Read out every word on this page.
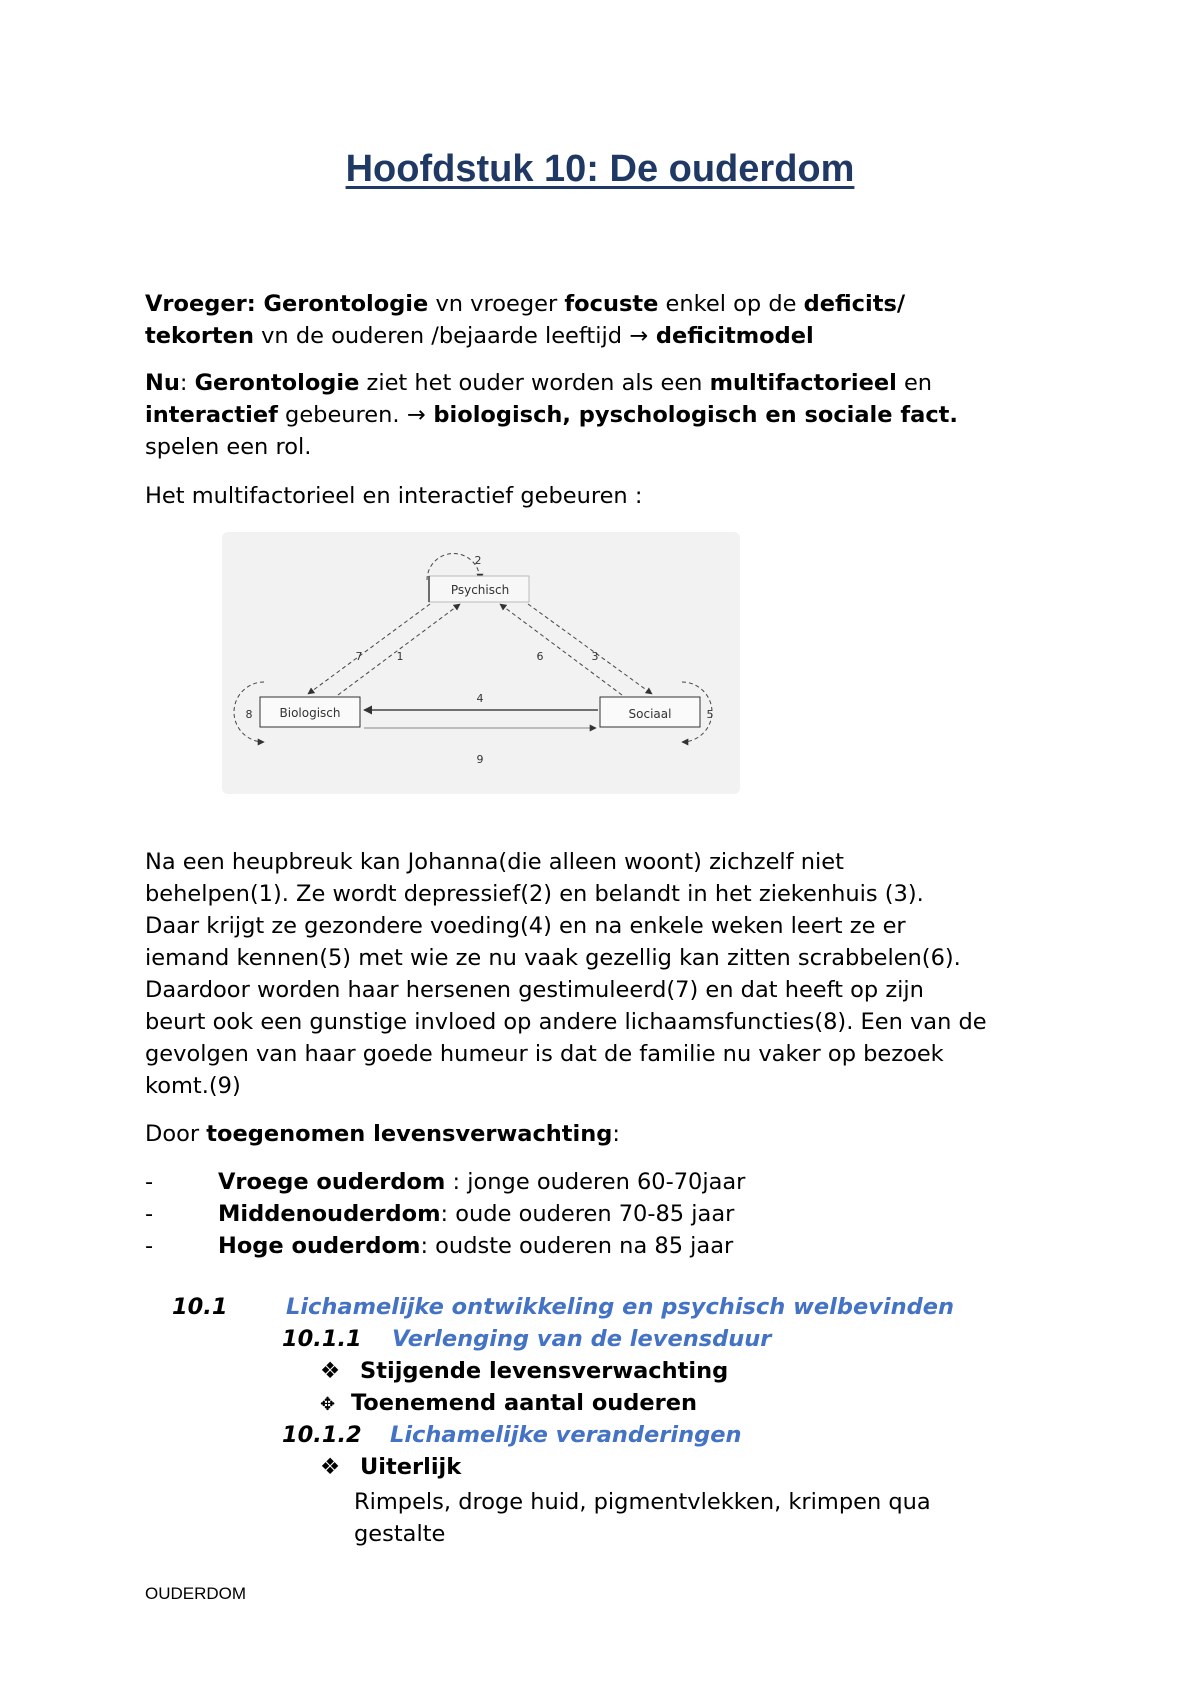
Hoofdstuk 10: De ouderdom
Vroeger: Gerontologie vn vroeger focuste enkel op de deficits/
tekorten vn de ouderen /bejaarde leeftijd → deficitmodel
Nu: Gerontologie ziet het ouder worden als een multifactorieel en
interactief gebeuren. → biologisch, pyschologisch en sociale fact.
spelen een rol.
Het multifactorieel en interactief gebeuren :
Psychisch
Biologisch	Sociaal
2
7	1	6	3
4
9
8	5
Na een heupbreuk kan Johanna(die alleen woont) zichzelf niet
behelpen(1). Ze wordt depressief(2) en belandt in het ziekenhuis (3).
Daar krijgt ze gezondere voeding(4) en na enkele weken leert ze er
iemand kennen(5) met wie ze nu vaak gezellig kan zitten scrabbelen(6).
Daardoor worden haar hersenen gestimuleerd(7) en dat heeft op zijn
beurt ook een gunstige invloed op andere lichaamsfuncties(8). Een van de
gevolgen van haar goede humeur is dat de familie nu vaker op bezoek
komt.(9)
Door toegenomen levensverwachting:
-	Vroege ouderdom : jonge ouderen 60-70jaar
-	Middenouderdom: oude ouderen 70-85 jaar
-	Hoge ouderdom: oudste ouderen na 85 jaar
10.1	Lichamelijke ontwikkeling en psychisch welbevinden
10.1.1 Verlenging van de levensduur
❖ Stijgende levensverwachting
✥ Toenemend aantal ouderen
10.1.2 Lichamelijke veranderingen
❖ Uiterlijk
Rimpels, droge huid, pigmentvlekken, krimpen qua
gestalte
OUDERDOM
